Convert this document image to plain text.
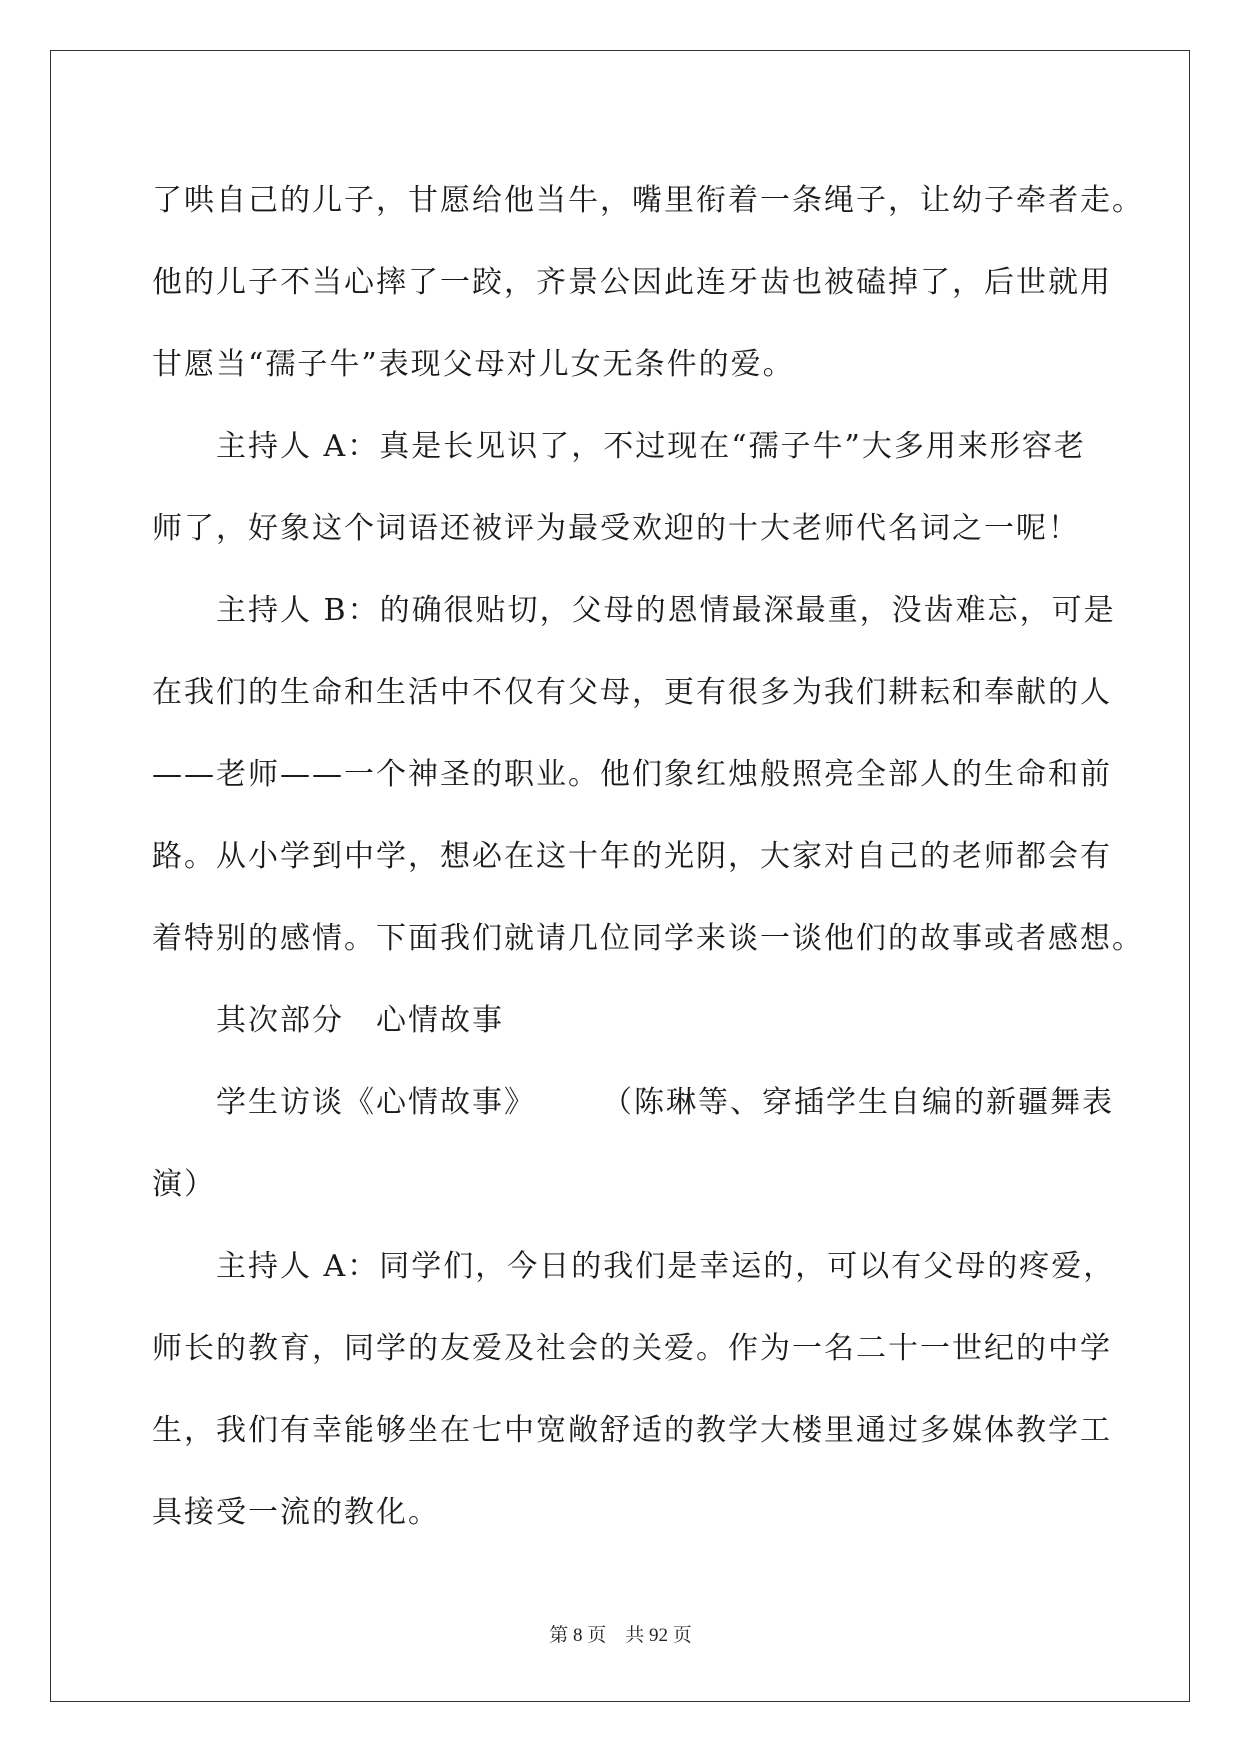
了哄自己的儿子，甘愿给他当牛，嘴里衔着一条绳子，让幼子牵者走。
他的儿子不当心摔了一跤，齐景公因此连牙齿也被磕掉了，后世就用
甘愿当“孺子牛”表现父母对儿女无条件的爱。
主持人 A：真是长见识了，不过现在“孺子牛”大多用来形容老
师了，好象这个词语还被评为最受欢迎的十大老师代名词之一呢！
主持人 B：的确很贴切，父母的恩情最深最重，没齿难忘，可是
在我们的生命和生活中不仅有父母，更有很多为我们耕耘和奉献的人
——老师——一个神圣的职业。他们象红烛般照亮全部人的生命和前
路。从小学到中学，想必在这十年的光阴，大家对自己的老师都会有
着特别的感情。下面我们就请几位同学来谈一谈他们的故事或者感想。
其次部分　心情故事
学生访谈《心情故事》　　　（陈琳等、穿插学生自编的新疆舞表
演）
主持人 A：同学们，今日的我们是幸运的，可以有父母的疼爱，
师长的教育，同学的友爱及社会的关爱。作为一名二十一世纪的中学
生，我们有幸能够坐在七中宽敞舒适的教学大楼里通过多媒体教学工
具接受一流的教化。
第 8 页 共 92 页
